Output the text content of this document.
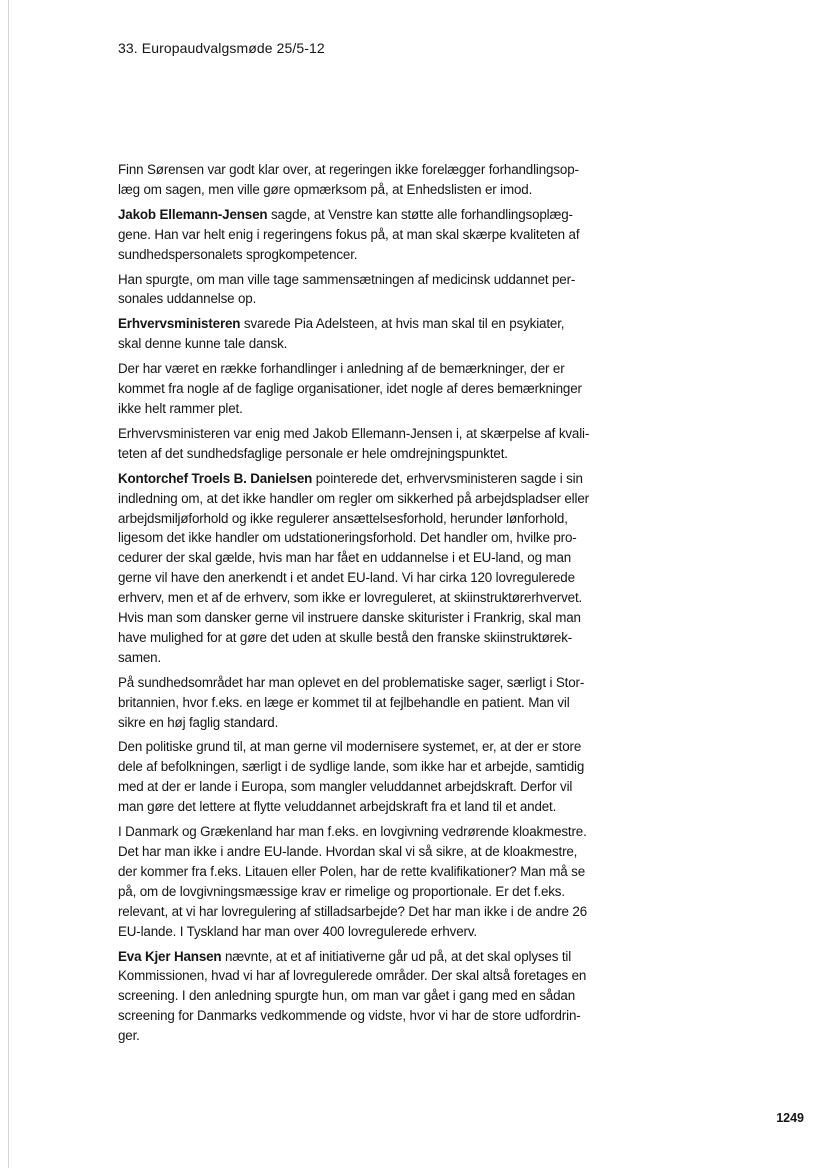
33. Europaudvalgsmøde 25/5-12
Finn Sørensen var godt klar over, at regeringen ikke forelægger forhandlingsop-
læg om sagen, men ville gøre opmærksom på, at Enhedslisten er imod.
Jakob Ellemann-Jensen sagde, at Venstre kan støtte alle forhandlingsoplæg-
gene. Han var helt enig i regeringens fokus på, at man skal skærpe kvaliteten af
sundhedspersonalets sprogkompetencer.
Han spurgte, om man ville tage sammensætningen af medicinsk uddannet per-
sonales uddannelse op.
Erhvervsministeren svarede Pia Adelsteen, at hvis man skal til en psykiater,
skal denne kunne tale dansk.
Der har været en række forhandlinger i anledning af de bemærkninger, der er
kommet fra nogle af de faglige organisationer, idet nogle af deres bemærkninger
ikke helt rammer plet.
Erhvervsministeren var enig med Jakob Ellemann-Jensen i, at skærpelse af kvali-
teten af det sundhedsfaglige personale er hele omdrejningspunktet.
Kontorchef Troels B. Danielsen pointerede det, erhvervsministeren sagde i sin
indledning om, at det ikke handler om regler om sikkerhed på arbejdspladser eller
arbejdsmiljøforhold og ikke regulerer ansættelsesforhold, herunder lønforhold,
ligesom det ikke handler om udstationeringsforhold. Det handler om, hvilke pro-
cedurer der skal gælde, hvis man har fået en uddannelse i et EU-land, og man
gerne vil have den anerkendt i et andet EU-land. Vi har cirka 120 lovregulerede
erhverv, men et af de erhverv, som ikke er lovreguleret, at skiinstruktørerhvervet.
Hvis man som dansker gerne vil instruere danske skiturister i Frankrig, skal man
have mulighed for at gøre det uden at skulle bestå den franske skiinstruktørek-
samen.
På sundhedsområdet har man oplevet en del problematiske sager, særligt i Stor-
britannien, hvor f.eks. en læge er kommet til at fejlbehandle en patient. Man vil
sikre en høj faglig standard.
Den politiske grund til, at man gerne vil modernisere systemet, er, at der er store
dele af befolkningen, særligt i de sydlige lande, som ikke har et arbejde, samtidig
med at der er lande i Europa, som mangler veluddannet arbejdskraft. Derfor vil
man gøre det lettere at flytte veluddannet arbejdskraft fra et land til et andet.
I Danmark og Grækenland har man f.eks. en lovgivning vedrørende kloakmestre.
Det har man ikke i andre EU-lande. Hvordan skal vi så sikre, at de kloakmestre,
der kommer fra f.eks. Litauen eller Polen, har de rette kvalifikationer? Man må se
på, om de lovgivningsmæssige krav er rimelige og proportionale. Er det f.eks.
relevant, at vi har lovregulering af stilladsarbejde? Det har man ikke i de andre 26
EU-lande. I Tyskland har man over 400 lovregulerede erhverv.
Eva Kjer Hansen nævnte, at et af initiativerne går ud på, at det skal oplyses til
Kommissionen, hvad vi har af lovregulerede områder. Der skal altså foretages en
screening. I den anledning spurgte hun, om man var gået i gang med en sådan
screening for Danmarks vedkommende og vidste, hvor vi har de store udfordrin-
ger.
1249
